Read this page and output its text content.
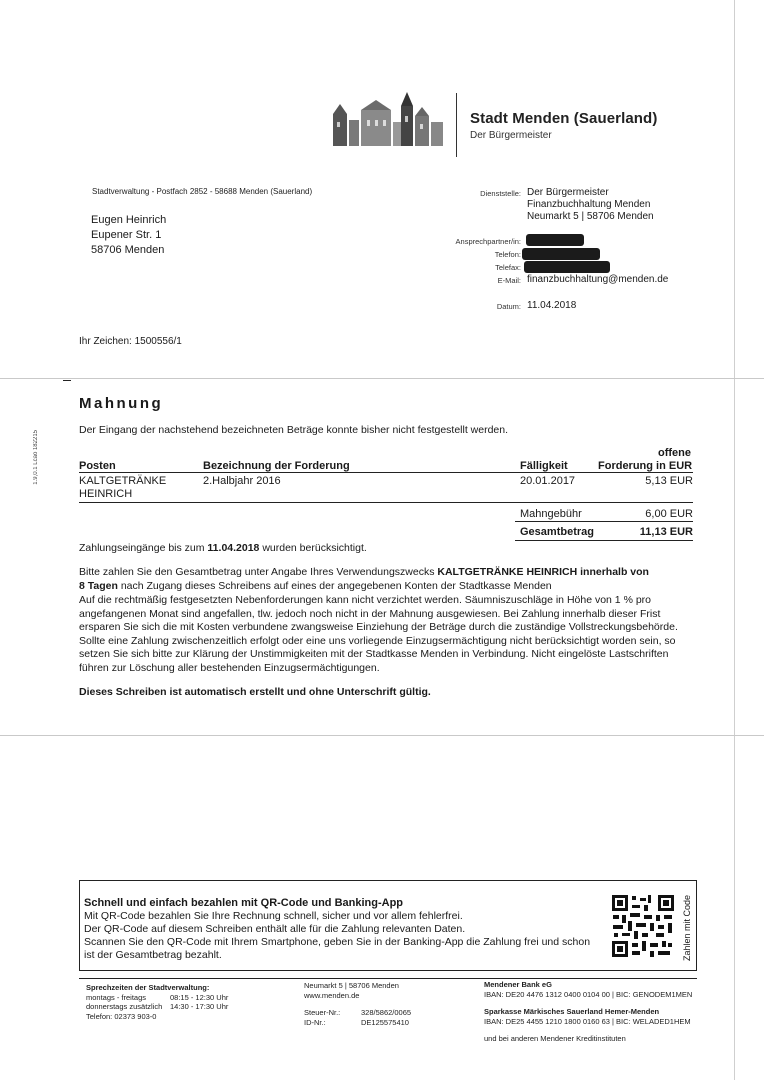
Stadt Menden (Sauerland)
Der Bürgermeister
Stadtverwaltung - Postfach 2852 - 58688 Menden (Sauerland)
Eugen Heinrich
Eupener Str. 1
58706 Menden
Dienststelle: Der Bürgermeister
Finanzbuchhaltung Menden
Neumarkt 5 | 58706 Menden
Ansprechpartner/in:
Telefon:
Telefax:
E-Mail: finanzbuchhaltung@menden.de
Datum: 11.04.2018
Ihr Zeichen: 1500556/1
1.9,0.1 Lcao 182215
Mahnung
Der Eingang der nachstehend bezeichneten Beträge konnte bisher nicht festgestellt werden.
offene
Posten	Bezeichnung der Forderung	Fälligkeit	Forderung in EUR
KALTGETRÄNKE
HEINRICH
2.Halbjahr 2016	20.01.2017	5,13 EUR
Mahngebühr	6,00 EUR
Gesamtbetrag	11,13 EUR
Zahlungseingänge bis zum 11.04.2018 wurden berücksichtigt.
Bitte zahlen Sie den Gesamtbetrag unter Angabe Ihres Verwendungszwecks KALTGETRÄNKE HEINRICH innerhalb von
8 Tagen nach Zugang dieses Schreibens auf eines der angegebenen Konten der Stadtkasse Menden
Auf die rechtmäßig festgesetzten Nebenforderungen kann nicht verzichtet werden. Säumniszuschläge in Höhe von 1 % pro angefangenen Monat sind angefallen, tlw. jedoch noch nicht in der Mahnung ausgewiesen. Bei Zahlung innerhalb dieser Frist ersparen Sie sich die mit Kosten verbundene zwangsweise Einziehung der Beträge durch die zuständige Vollstreckungsbehörde. Sollte eine Zahlung zwischenzeitlich erfolgt oder eine uns vorliegende Einzugsermächtigung nicht berücksichtigt worden sein, so setzen Sie sich bitte zur Klärung der Unstimmigkeiten mit der Stadtkasse Menden in Verbindung. Nicht eingelöste Lastschriften führen zur Löschung aller bestehenden Einzugsermächtigungen.
Dieses Schreiben ist automatisch erstellt und ohne Unterschrift gültig.
Schnell und einfach bezahlen mit QR-Code und Banking-App
Mit QR-Code bezahlen Sie Ihre Rechnung schnell, sicher und vor allem fehlerfrei.
Der QR-Code auf diesem Schreiben enthält alle für die Zahlung relevanten Daten.
Scannen Sie den QR-Code mit Ihrem Smartphone, geben Sie in der Banking-App die Zahlung frei und schon ist der Gesamtbetrag bezahlt.	Zahlen mit Code
Sprechzeiten der Stadtverwaltung:
montags - freitags	08:15 - 12:30 Uhr
donnerstags zusätzlich 14:30 - 17:30 Uhr
Telefon: 02373 903-0
Neumarkt 5 | 58706 Menden
www.menden.de
Steuer-Nr.:	328/5862/0065
ID-Nr.:	DE125575410
Mendener Bank eG
IBAN: DE20 4476 1312 0400 0104 00 | BIC: GENODEM1MEN
Sparkasse Märkisches Sauerland Hemer-Menden
IBAN: DE25 4455 1210 1800 0160 63 | BIC: WELADED1HEM
und bei anderen Mendener Kreditinstituten
